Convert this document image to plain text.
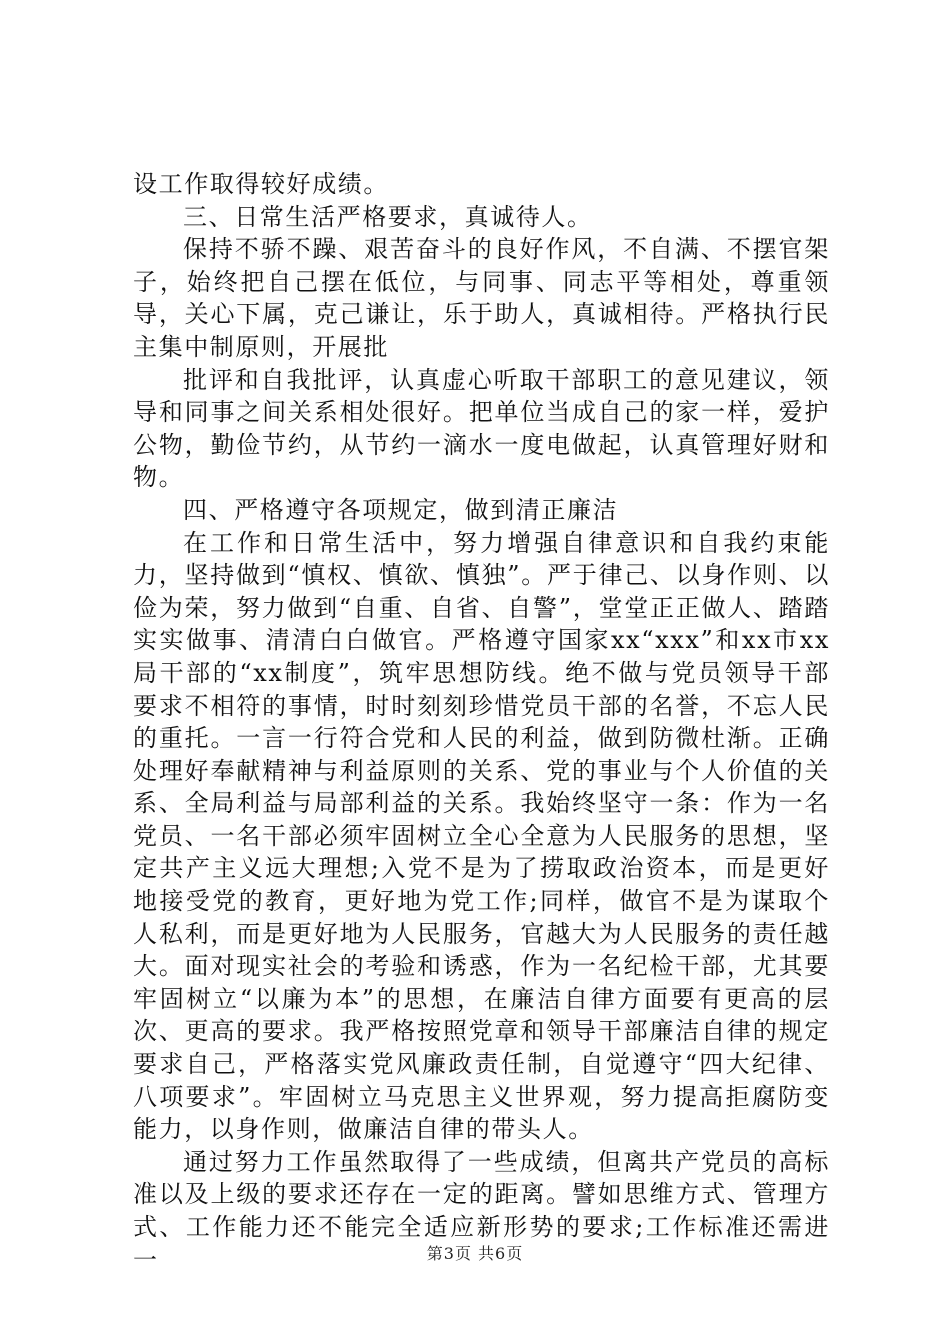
设工作取得较好成绩。

三、日常生活严格要求，真诚待人。

保持不骄不躁、艰苦奋斗的良好作风，不自满、不摆官架子，始终把自己摆在低位，与同事、同志平等相处，尊重领导，关心下属，克己谦让，乐于助人，真诚相待。严格执行民主集中制原则，开展批

批评和自我批评，认真虚心听取干部职工的意见建议，领导和同事之间关系相处很好。把单位当成自己的家一样，爱护公物，勤俭节约，从节约一滴水一度电做起，认真管理好财和物。

四、严格遵守各项规定，做到清正廉洁

在工作和日常生活中，努力增强自律意识和自我约束能力，坚持做到“慎权、慎欲、慎独”。严于律己、以身作则、以俭为荣，努力做到“自重、自省、自警”，堂堂正正做人、踏踏实实做事、清清白白做官。严格遵守国家xx“xxx”和xx市xx局干部的“xx制度”，筑牢思想防线。绝不做与党员领导干部要求不相符的事情，时时刻刻珍惜党员干部的名誉，不忘人民的重托。一言一行符合党和人民的利益，做到防微杜渐。正确处理好奉献精神与利益原则的关系、党的事业与个人价值的关系、全局利益与局部利益的关系。我始终坚守一条：作为一名党员、一名干部必须牢固树立全心全意为人民服务的思想，坚定共产主义远大理想;入党不是为了捞取政治资本，而是更好地接受党的教育，更好地为党工作;同样，做官不是为谋取个人私利，而是更好地为人民服务，官越大为人民服务的责任越大。面对现实社会的考验和诱惑，作为一名纪检干部，尤其要牢固树立“以廉为本”的思想，在廉洁自律方面要有更高的层次、更高的要求。我严格按照党章和领导干部廉洁自律的规定要求自己，严格落实党风廉政责任制，自觉遵守“四大纪律、八项要求”。牢固树立马克思主义世界观，努力提高拒腐防变能力，以身作则，做廉洁自律的带头人。

通过努力工作虽然取得了一些成绩，但离共产党员的高标准以及上级的要求还存在一定的距离。譬如思维方式、管理方式、工作能力还不能完全适应新形势的要求;工作标准还需进一	第3页 共6页
